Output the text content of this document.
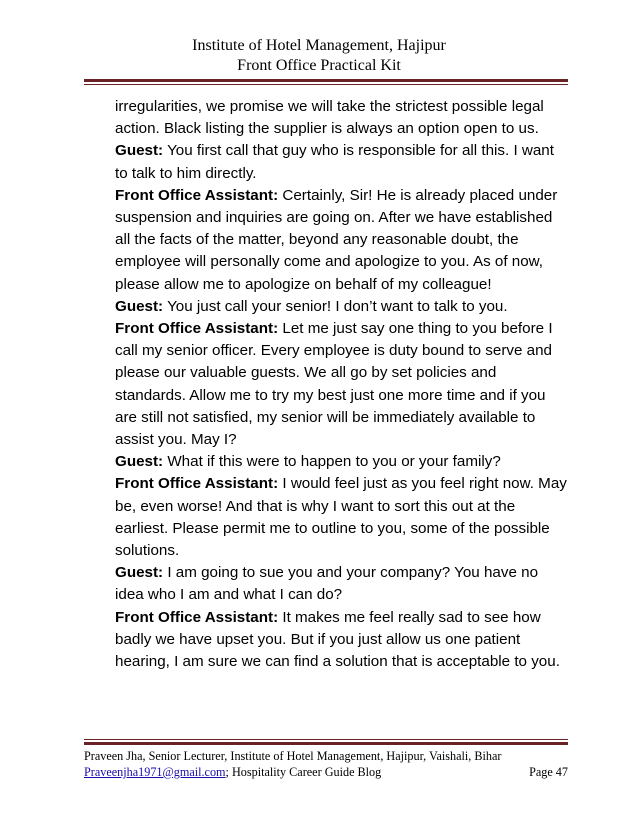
Institute of Hotel Management, Hajipur
Front Office Practical Kit

irregularities, we promise we will take the strictest possible legal action. Black listing the supplier is always an option open to us.

Guest: You first call that guy who is responsible for all this. I want to talk to him directly.

Front Office Assistant: Certainly, Sir! He is already placed under suspension and inquiries are going on. After we have established all the facts of the matter, beyond any reasonable doubt, the employee will personally come and apologize to you. As of now, please allow me to apologize on behalf of my colleague!

Guest: You just call your senior! I don’t want to talk to you.

Front Office Assistant: Let me just say one thing to you before I call my senior officer. Every employee is duty bound to serve and please our valuable guests. We all go by set policies and standards. Allow me to try my best just one more time and if you are still not satisfied, my senior will be immediately available to assist you. May I?

Guest: What if this were to happen to you or your family?

Front Office Assistant: I would feel just as you feel right now. May be, even worse! And that is why I want to sort this out at the earliest. Please permit me to outline to you, some of the possible solutions.

Guest: I am going to sue you and your company? You have no idea who I am and what I can do?

Front Office Assistant: It makes me feel really sad to see how badly we have upset you. But if you just allow us one patient hearing, I am sure we can find a solution that is acceptable to you.

Praveen Jha, Senior Lecturer, Institute of Hotel Management, Hajipur, Vaishali, Bihar
Praveenjha1971@gmail.com; Hospitality Career Guide Blog	Page 47
